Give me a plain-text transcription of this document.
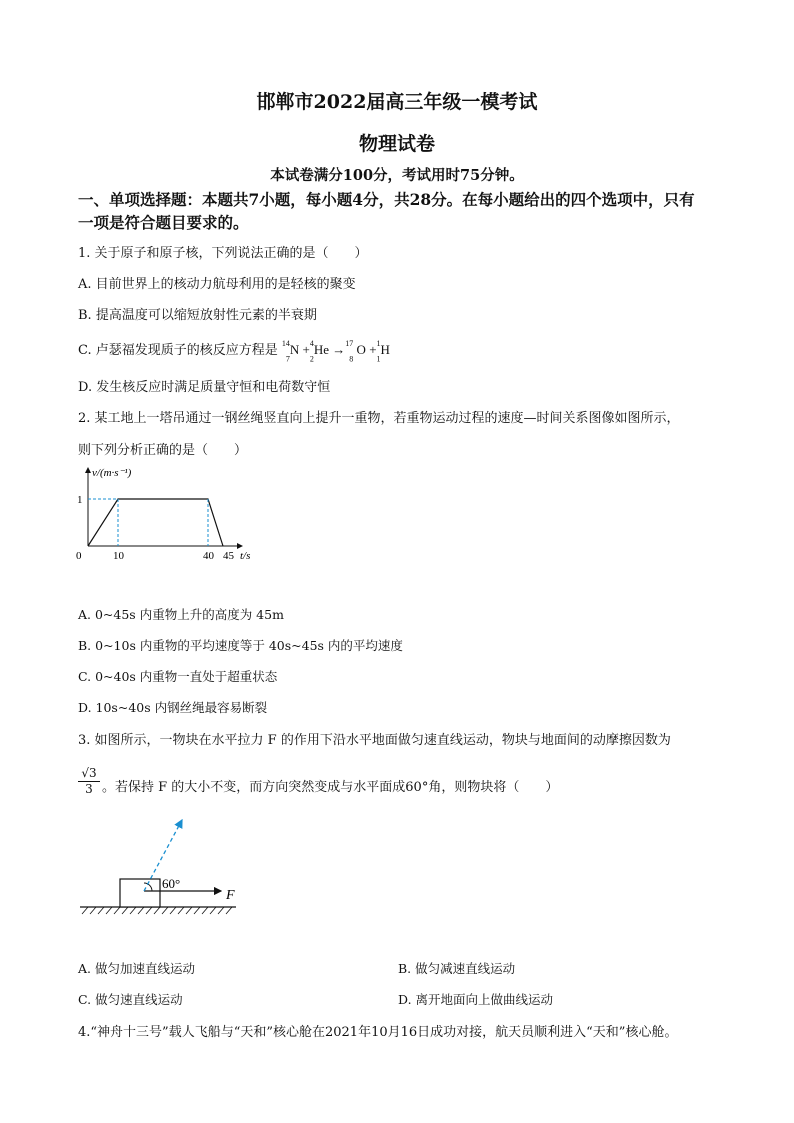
邯郸市2022届高三年级一模考试
物理试卷
本试卷满分100分，考试用时75分钟。
一、单项选择题：本题共7小题，每小题4分，共28分。在每小题给出的四个选项中，只有
一项是符合题目要求的。
1. 关于原子和原子核，下列说法正确的是（　　）
A. 目前世界上的核动力航母利用的是轻核的聚变
B. 提高温度可以缩短放射性元素的半衰期
C. 卢瑟福发现质子的核反应方程是 $^{14}$
$_7$N +$^4$
$_2$He →$^{17}$
$_8$ O +$^1$
$_1$H
D. 发生核反应时满足质量守恒和电荷数守恒
2. 某工地上一塔吊通过一钢丝绳竖直向上提升一重物，若重物运动过程的速度—时间关系图像如图所示，
则下列分析正确的是（　　）
10	40 45
1
v/(m·s⁻¹)
t/s
0
A. 0~45s 内重物上升的高度为 45m
B. 0~10s 内重物的平均速度等于 40s~45s 内的平均速度
C. 0~40s 内重物一直处于超重状态
D. 10s~40s 内钢丝绳最容易断裂
3. 如图所示，一物块在水平拉力 F 的作用下沿水平地面做匀速直线运动，物块与地面间的动摩擦因数为
$\frac{√3}{3}$ 。若保持 F 的大小不变，而方向突然变成与水平面成60°角，则物块将（　　）
60°
F
A. 做匀加速直线运动	B. 做匀减速直线运动
C. 做匀速直线运动	D. 离开地面向上做曲线运动
4.“神舟十三号”载人飞船与“天和”核心舱在2021年10月16日成功对接，航天员顺利进入“天和”核心舱。
